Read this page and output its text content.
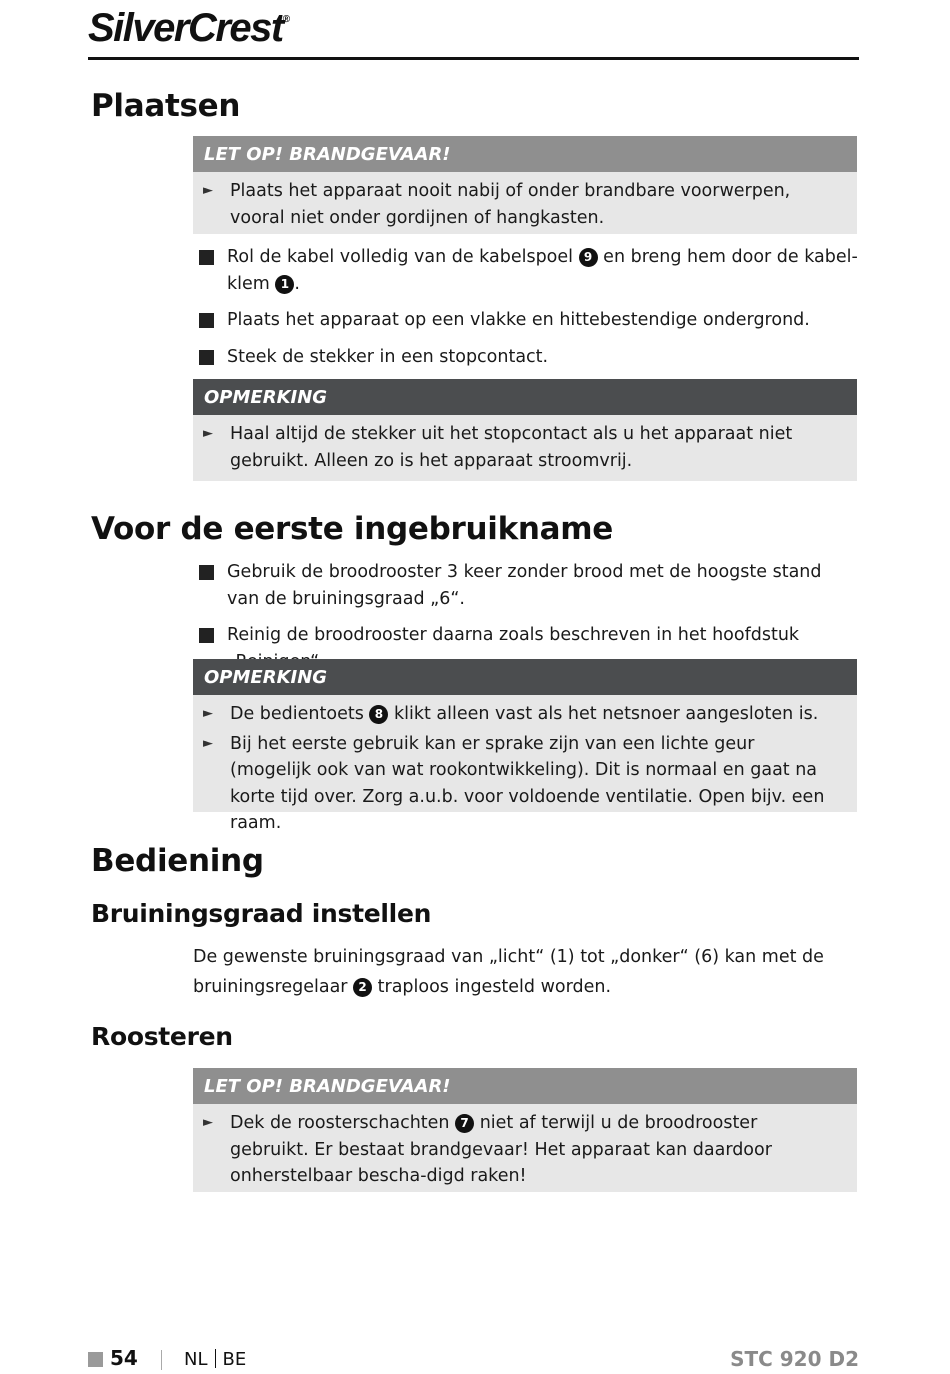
SilverCrest®
Plaatsen
LET OP! BRANDGEVAAR!
► Plaats het apparaat nooit nabij of onder brandbare voorwerpen, vooral niet onder gordijnen of hangkasten.
Rol de kabel volledig van de kabelspoel 9 en breng hem door de kabel-klem 1 .
Plaats het apparaat op een vlakke en hittebestendige ondergrond.
Steek de stekker in een stopcontact.
OPMERKING
► Haal altijd de stekker uit het stopcontact als u het apparaat niet gebruikt. Alleen zo is het apparaat stroomvrij.
Voor de eerste ingebruikname
Gebruik de broodrooster 3 keer zonder brood met de hoogste stand van de bruiningsgraad „6“.
Reinig de broodrooster daarna zoals beschreven in het hoofdstuk
OPMERKING
► De bedientoets 8 klikt alleen vast als het netsnoer aangesloten is.
► Bij het eerste gebruik kan er sprake zijn van een lichte geur (mogelijk ook van wat rookontwikkeling). Dit is normaal en gaat na korte tijd over. Zorg a.u.b. voor voldoende ventilatie. Open bijv. een raam.
Bediening
Bruiningsgraad instellen

De gewenste bruiningsgraad van „licht“ (1) tot „donker“ (6) kan met de bruiningsregelaar 2 traploos ingesteld worden.

Roosteren
LET OP! BRANDGEVAAR!
► Dek de roosterschachten 7 niet af terwijl u de broodrooster gebruikt. Er bestaat brandgevaar! Het apparaat kan daardoor onherstelbaar bescha-digd raken!
54	NL BE	STC 920 D2
